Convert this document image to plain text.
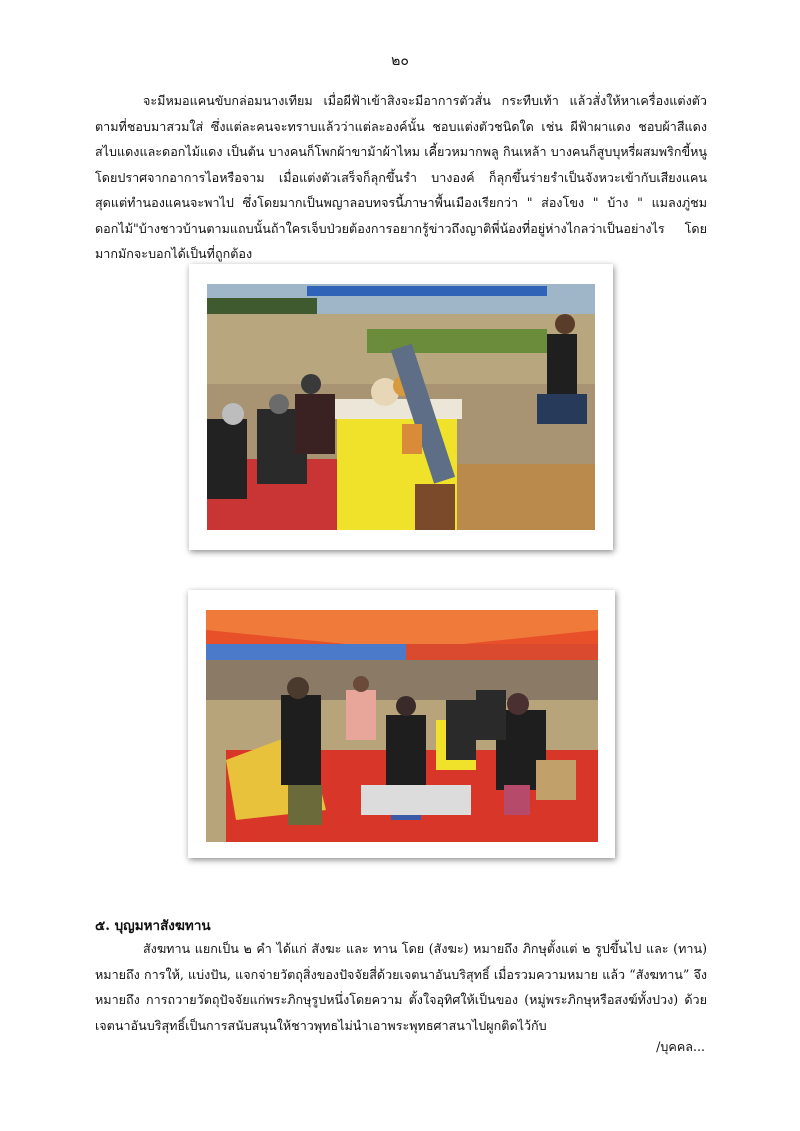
๒๐

จะมีหมอแคนขับกล่อมนางเทียม เมื่อผีฟ้าเข้าสิงจะมีอาการตัวสั่น กระทืบเท้า แล้วสั่งให้หาเครื่องแต่งตัวตามที่ชอบมาสวมใส่ ซึ่งแต่ละคนจะทราบแล้วว่าแต่ละองค์นั้น ชอบแต่งตัวชนิดใด เช่น ผีฟ้าผาแดง ชอบผ้าสีแดง สไบแดงและดอกไม้แดง เป็นต้น บางคนก็โพกผ้าขาม้าผ้าไหม เคี้ยวหมากพลู กินเหล้า บางคนก็สูบบุหรี่ผสมพริกขี้หนู โดยปราศจากอาการไอหรือจาม เมื่อแต่งตัวเสร็จก็ลุกขึ้นรำ บางองค์ ก็ลุกขึ้นร่ายรำเป็นจังหวะเข้ากับเสียงแคน สุดแต่ทำนองแคนจะพาไป ซึ่งโดยมากเป็นพญาลอบทจรนี้ภาษาพื้นเมืองเรียกว่า " ส่องโขง " บ้าง " แมลงภู่ชมดอกไม้"บ้างชาวบ้านตามแถบนั้นถ้าใครเจ็บป่วยต้องการอยากรู้ข่าวถึงญาติพี่น้องที่อยู่ห่างไกลว่าเป็นอย่างไร โดยมากมักจะบอกได้เป็นที่ถูกต้อง

๕. บุญมหาสังฆทาน

สังฆทาน แยกเป็น ๒ คำ ได้แก่ สังฆะ และ ทาน โดย (สังฆะ) หมายถึง ภิกษุตั้งแต่ ๒ รูปขึ้นไป และ (ทาน) หมายถึง การให้, แบ่งปัน, แจกจ่ายวัตถุสิ่งของปัจจัยสี่ด้วยเจตนาอันบริสุทธิ์ เมื่อรวมความหมาย แล้ว “สังฆทาน” จึงหมายถึง การถวายวัตถุปัจจัยแก่พระภิกษุรูปหนึ่งโดยความ ตั้งใจอุทิศให้เป็นของ (หมู่พระภิกษุหรือสงฆ์ทั้งปวง) ด้วยเจตนาอันบริสุทธิ์เป็นการสนับสนุนให้ชาวพุทธไม่นำเอาพระพุทธศาสนาไปผูกติดไว้กับ

/บุคคล...
